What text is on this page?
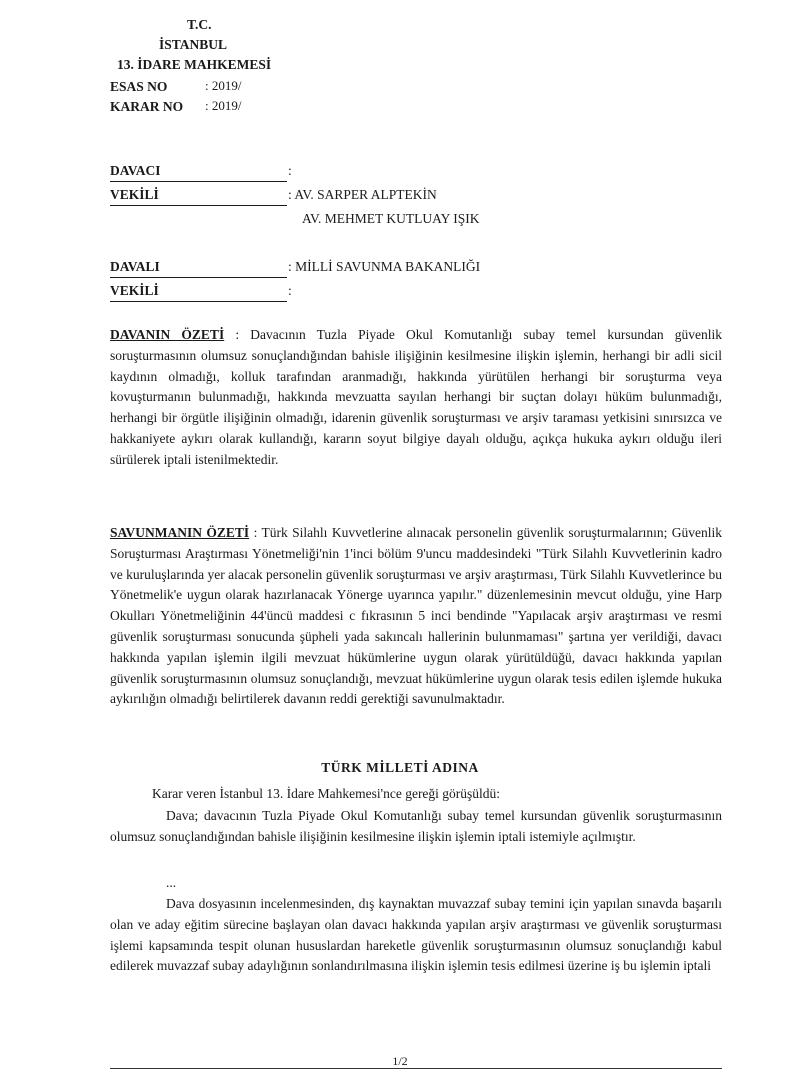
T.C.
İSTANBUL
13. İDARE MAHKEMESİ
ESAS NO	: 2019/
KARAR NO : 2019/
DAVACI	:
VEKİLİ	: AV. SARPER ALPTEKİN
AV. MEHMET KUTLUAY IŞIK
DAVALI	: MİLLİ SAVUNMA BAKANLIĞI
VEKİLİ	:

DAVANIN ÖZETİ : Davacının Tuzla Piyade Okul Komutanlığı subay temel kursundan güvenlik soruşturmasının olumsuz sonuçlandığından bahisle ilişiğinin kesilmesine ilişkin işlemin, herhangi bir adli sicil kaydının olmadığı, kolluk tarafından aranmadığı, hakkında yürütülen herhangi bir soruşturma veya kovuşturmanın bulunmadığı, hakkında mevzuatta sayılan herhangi bir suçtan dolayı hüküm bulunmadığı, herhangi bir örgütle ilişiğinin olmadığı, idarenin güvenlik soruşturması ve arşiv taraması yetkisini sınırsızca ve hakkaniyete aykırı olarak kullandığı, kararın soyut bilgiye dayalı olduğu, açıkça hukuka aykırı olduğu ileri sürülerek iptali istenilmektedir.

SAVUNMANIN ÖZETİ : Türk Silahlı Kuvvetlerine alınacak personelin güvenlik soruşturmalarının; Güvenlik Soruşturması Araştırması Yönetmeliği'nin 1'inci bölüm 9'uncu maddesindeki "Türk Silahlı Kuvvetlerinin kadro ve kuruluşlarında yer alacak personelin güvenlik soruşturması ve arşiv araştırması, Türk Silahlı Kuvvetlerince bu Yönetmelik'e uygun olarak hazırlanacak Yönerge uyarınca yapılır." düzenlemesinin mevcut olduğu, yine Harp Okulları Yönetmeliğinin 44'üncü maddesi c fıkrasının 5 inci bendinde "Yapılacak arşiv araştırması ve resmi güvenlik soruşturması sonucunda şüpheli yada sakıncalı hallerinin bulunmaması" şartına yer verildiği, davacı hakkında yapılan işlemin ilgili mevzuat hükümlerine uygun olarak yürütüldüğü, davacı hakkında yapılan güvenlik soruşturmasının olumsuz sonuçlandığı, mevzuat hükümlerine uygun olarak tesis edilen işlemde hukuka aykırılığın olmadığı belirtilerek davanın reddi gerektiği savunulmaktadır.

TÜRK MİLLETİ ADINA

Karar veren İstanbul 13. İdare Mahkemesi'nce gereği görüşüldü:

Dava; davacının Tuzla Piyade Okul Komutanlığı subay temel kursundan güvenlik soruşturmasının olumsuz sonuçlandığından bahisle ilişiğinin kesilmesine ilişkin işlemin iptali istemiyle açılmıştır.

...

Dava dosyasının incelenmesinden, dış kaynaktan muvazzaf subay temini için yapılan sınavda başarılı olan ve aday eğitim sürecine başlayan olan davacı hakkında yapılan arşiv araştırması ve güvenlik soruşturması işlemi kapsamında tespit olunan hususlardan hareketle güvenlik soruşturmasının olumsuz sonuçlandığı kabul edilerek muvazzaf subay adaylığının sonlandırılmasına ilişkin işlemin tesis edilmesi üzerine iş bu işlemin iptali

1/2
